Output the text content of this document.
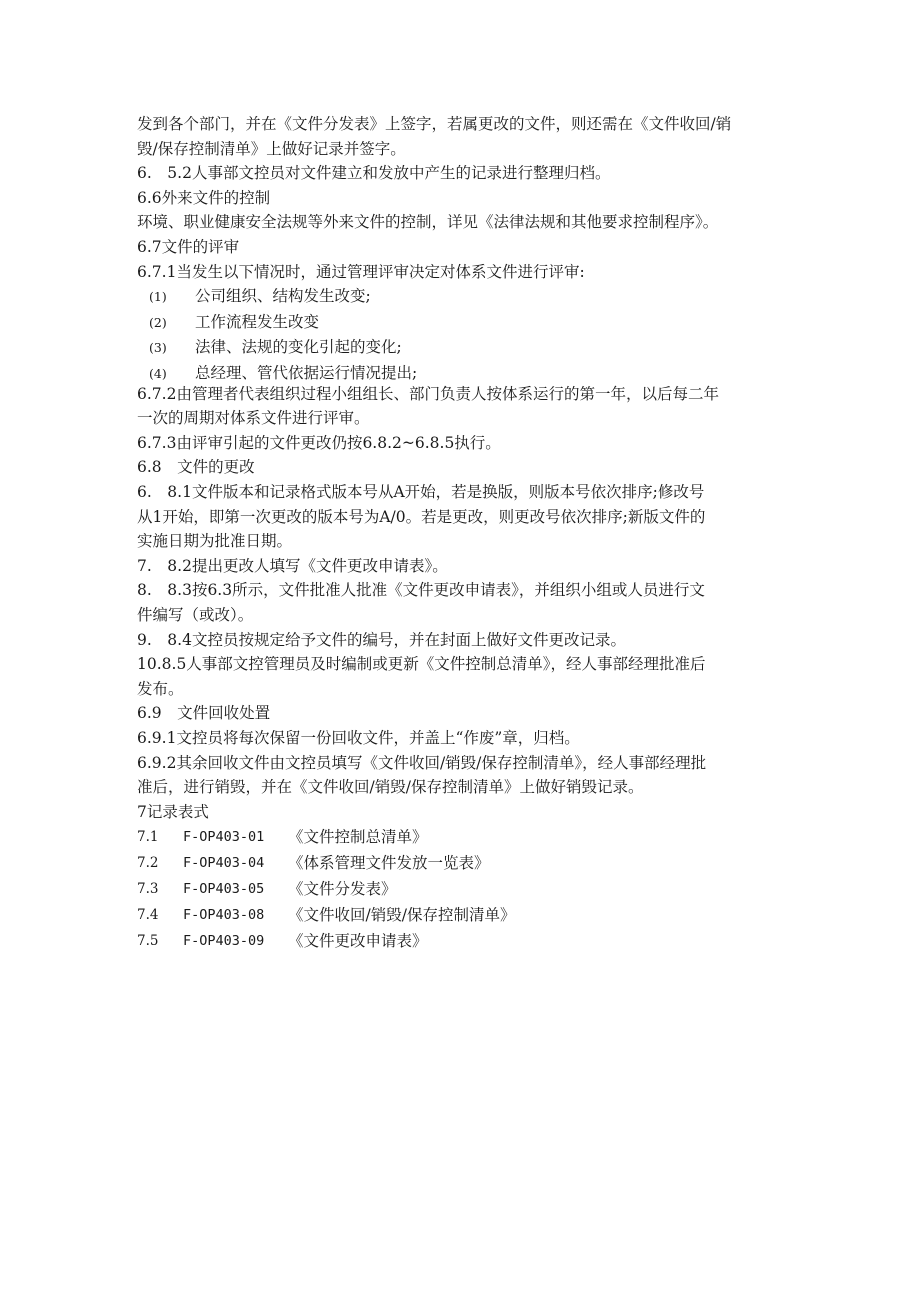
发到各个部门，并在《文件分发表》上签字，若属更改的文件，则还需在《文件收回/销
毁/保存控制清单》上做好记录并签字。
6.　5.2人事部文控员对文件建立和发放中产生的记录进行整理归档。
6.6外来文件的控制
环境、职业健康安全法规等外来文件的控制，详见《法律法规和其他要求控制程序》。
6.7文件的评审
6.7.1当发生以下情况时，通过管理评审决定对体系文件进行评审:
(1)	公司组织、结构发生改变;
(2)	工作流程发生改变
(3)	法律、法规的变化引起的变化;
(4)	总经理、管代依据运行情况提出;
6.7.2由管理者代表组织过程小组组长、部门负责人按体系运行的第一年，以后每二年
一次的周期对体系文件进行评审。
6.7.3由评审引起的文件更改仍按6.8.2~6.8.5执行。
6.8　文件的更改
6.　8.1文件版本和记录格式版本号从A开始，若是换版，则版本号依次排序;修改号
从1开始，即第一次更改的版本号为A/0。若是更改，则更改号依次排序;新版文件的
实施日期为批准日期。
7.　8.2提出更改人填写《文件更改申请表》。
8.　8.3按6.3所示，文件批准人批准《文件更改申请表》，并组织小组或人员进行文
件编写（或改）。
9.　8.4文控员按规定给予文件的编号，并在封面上做好文件更改记录。
10.8.5人事部文控管理员及时编制或更新《文件控制总清单》，经人事部经理批准后
发布。
6.9　文件回收处置
6.9.1文控员将每次保留一份回收文件，并盖上“作废”章，归档。
6.9.2其余回收文件由文控员填写《文件收回/销毁/保存控制清单》，经人事部经理批
准后，进行销毁，并在《文件收回/销毁/保存控制清单》上做好销毁记录。
7记录表式
7.1	F-OP403-01	《文件控制总清单》
7.2	F-OP403-04	《体系管理文件发放一览表》
7.3	F-OP403-05	《文件分发表》
7.4	F-OP403-08	《文件收回/销毁/保存控制清单》
7.5	F-OP403-09	《文件更改申请表》
